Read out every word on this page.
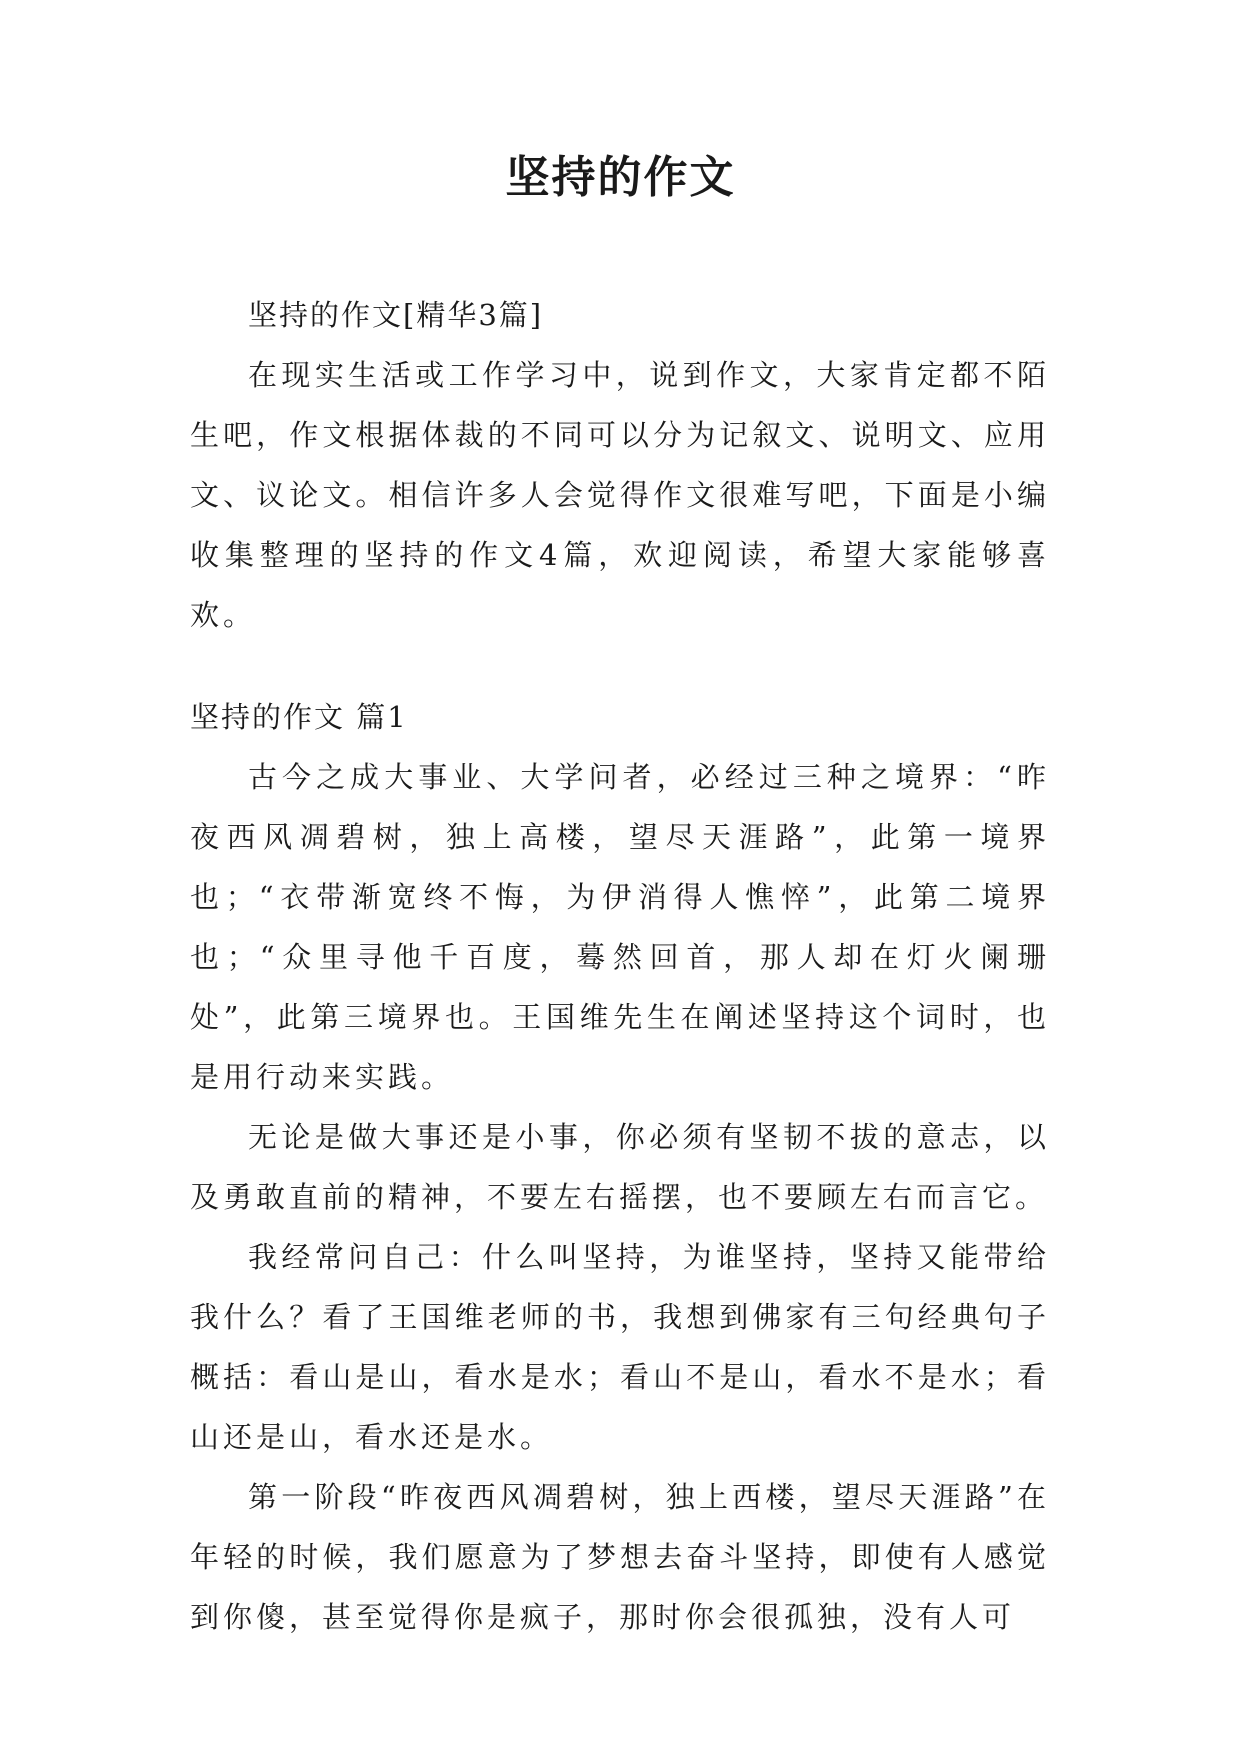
坚持的作文

坚持的作文[精华3篇]

在现实生活或工作学习中，说到作文，大家肯定都不陌生吧，作文根据体裁的不同可以分为记叙文、说明文、应用文、议论文。相信许多人会觉得作文很难写吧，下面是小编收集整理的坚持的作文4篇，欢迎阅读，希望大家能够喜欢。

坚持的作文 篇1

古今之成大事业、大学问者，必经过三种之境界：“昨夜西风凋碧树，独上高楼，望尽天涯路”，此第一境界也；“衣带渐宽终不悔，为伊消得人憔悴”，此第二境界也；“众里寻他千百度，蓦然回首，那人却在灯火阑珊处”，此第三境界也。王国维先生在阐述坚持这个词时，也是用行动来实践。

无论是做大事还是小事，你必须有坚韧不拔的意志，以及勇敢直前的精神，不要左右摇摆，也不要顾左右而言它。

我经常问自己：什么叫坚持，为谁坚持，坚持又能带给我什么？看了王国维老师的书，我想到佛家有三句经典句子概括：看山是山，看水是水；看山不是山，看水不是水；看山还是山，看水还是水。

第一阶段“昨夜西风凋碧树，独上西楼，望尽天涯路”在年轻的时候，我们愿意为了梦想去奋斗坚持，即使有人感觉到你傻，甚至觉得你是疯子，那时你会很孤独，没有人可
